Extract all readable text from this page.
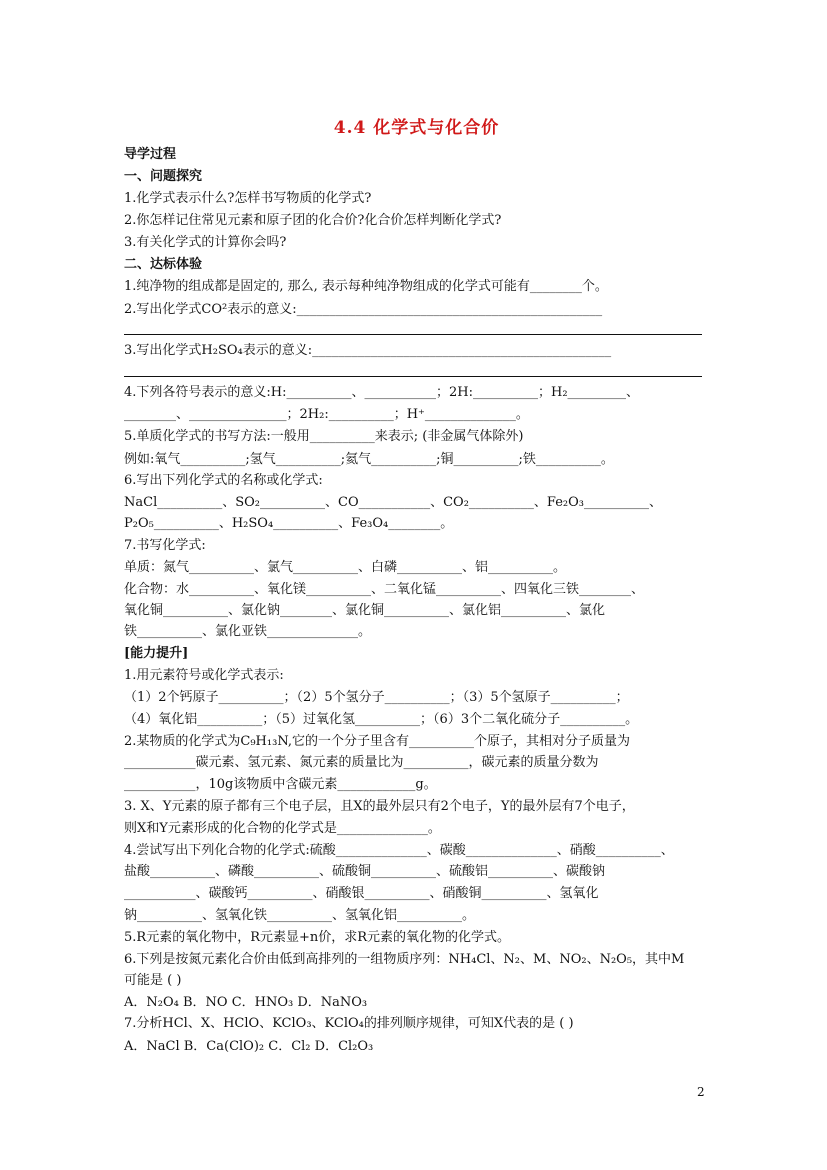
4.4 化学式与化合价
导学过程
一、问题探究
1.化学式表示什么?怎样书写物质的化学式?
2.你怎样记住常见元素和原子团的化合价?化合价怎样判断化学式?
3.有关化学式的计算你会吗?
二、达标体验
1.纯净物的组成都是固定的, 那么, 表示每种纯净物组成的化学式可能有________个。
2.写出化学式CO²表示的意义:_______________________________________________
3.写出化学式H₂SO₄表示的意义:______________________________________________
4.下列各符号表示的意义:H:__________、___________；2H:__________；H₂_________、
________、_______________；2H₂:__________；H⁺______________。
5.单质化学式的书写方法:一般用__________来表示; (非金属气体除外)
例如:氧气__________;氢气__________;氦气__________;铜__________;铁__________。
6.写出下列化学式的名称或化学式:
NaCl__________、SO₂__________、CO___________、CO₂__________、Fe₂O₃__________、
P₂O₅__________、H₂SO₄__________、Fe₃O₄________。
7.书写化学式:
单质：氮气__________、氯气__________、白磷__________、铝__________。
化合物：水__________、氧化镁__________、二氧化锰__________、四氧化三铁________、
氧化铜__________、氯化钠________、氯化铜__________、氯化铝__________、氯化
铁__________、氯化亚铁______________。
[能力提升]
1.用元素符号或化学式表示:
（1）2个钙原子__________；（2）5个氢分子__________；（3）5个氢原子__________；
（4）氧化铝__________；（5）过氧化氢__________；（6）3个二氧化硫分子__________。
2.某物质的化学式为C₉H₁₃N,它的一个分子里含有__________个原子，其相对分子质量为
___________碳元素、氢元素、氮元素的质量比为__________，碳元素的质量分数为
___________，10g该物质中含碳元素____________g。
3. X、Y元素的原子都有三个电子层，且X的最外层只有2个电子，Y的最外层有7个电子，
则X和Y元素形成的化合物的化学式是______________。
4.尝试写出下列化合物的化学式:硫酸______________、碳酸______________、硝酸__________、
盐酸__________、磷酸__________、硫酸铜__________、硫酸铝__________、碳酸钠
___________、碳酸钙__________、硝酸银__________、硝酸铜__________、氢氧化
钠__________、氢氧化铁__________、氢氧化铝__________。
5.R元素的氧化物中，R元素显+n价，求R元素的氧化物的化学式。
6.下列是按氮元素化合价由低到高排列的一组物质序列：NH₄Cl、N₂、M、NO₂、N₂O₅，其中M
可能是 ( )
A．N₂O₄ B．NO C．HNO₃ D．NaNO₃
7.分析HCl、X、HClO、KClO₃、KClO₄的排列顺序规律，可知X代表的是 ( )
A．NaCl B．Ca(ClO)₂ C．Cl₂ D．Cl₂O₃
2
